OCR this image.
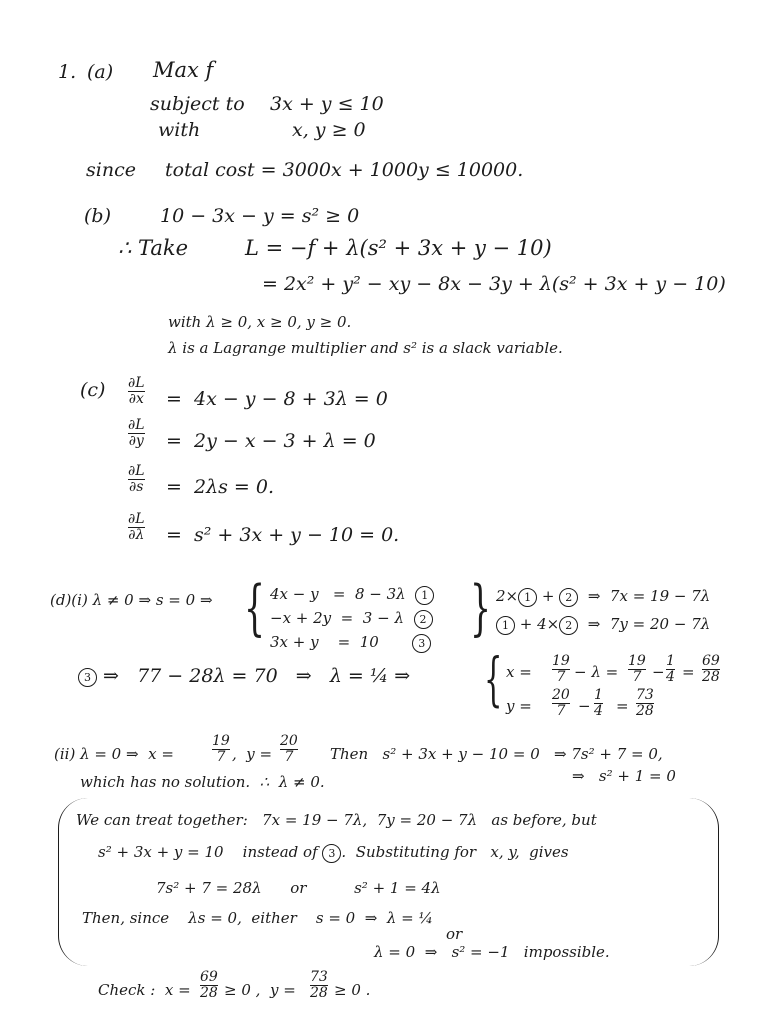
1. (a) Max f
subject to 3x + y ≤ 10
with	x, y ≥ 0
since total cost = 3000x + 1000y ≤ 10000.
(b)	10 − 3x − y = s² ≥ 0
∴ Take	L = −f + λ(s² + 3x + y − 10)
= 2x² + y² − xy − 8x − 3y + λ(s² + 3x + y − 10)
with λ ≥ 0, x ≥ 0, y ≥ 0.
λ is a Lagrange multiplier and s² is a slack variable.
(c) ∂L
∂x =  4x − y − 8 + 3λ = 0
∂L
∂y =  2y − x − 3 + λ = 0
∂L
∂s =  2λs = 0.
∂L
∂λ =  s² + 3x + y − 10 = 0.
(d)(i) λ ≠ 0 ⇒ s = 0 ⇒ { 4x − y   =  8 − 3λ 1
−x + 2y  =  3 − λ 2
3x + y    =  10	3 } 2× 1 + 2 ⇒  7x = 19 − 7λ
1 + 4× 2 ⇒  7y = 20 − 7λ
3 ⇒   77 − 28λ = 70   ⇒   λ = ¼ ⇒ { x =
19
7 − λ =
19
7 −
1
4 =
69
28
y =
20
7 −
1
4 =
73
28
(ii) λ = 0 ⇒  x =
19
7 ,  y =
20
7 Then   s² + 3x + y − 10 = 0   ⇒ 7s² + 7 = 0,
⇒   s² + 1 = 0
which has no solution.  ∴  λ ≠ 0.
We can treat together:   7x = 19 − 7λ,  7y = 20 − 7λ   as before, but
s² + 3x + y = 10    instead of 3 .  Substituting for   x, y,  gives
7s² + 7 = 28λ      or          s² + 1 = 4λ
Then, since    λs = 0,  either    s = 0  ⇒  λ = ¼
or
λ = 0  ⇒   s² = −1   impossible.
Check :  x =
69
28 ≥ 0 ,  y =
73
28 ≥ 0 .
